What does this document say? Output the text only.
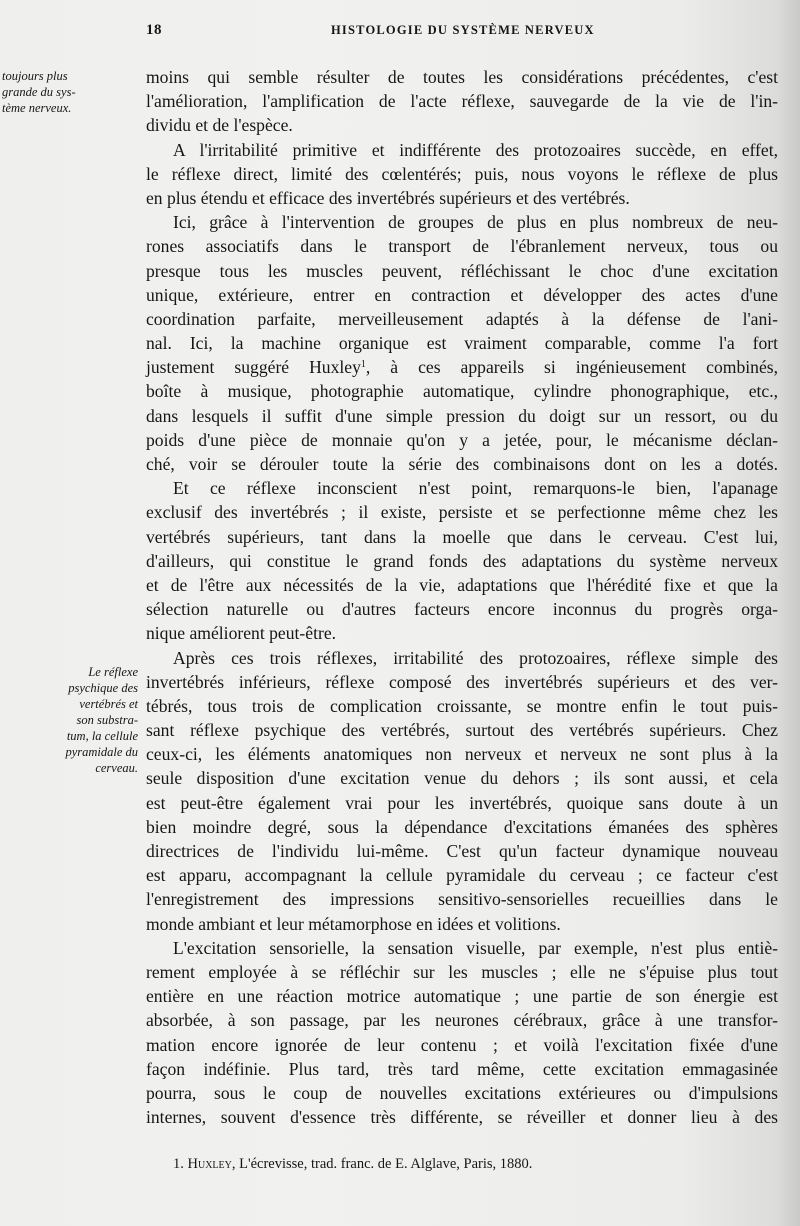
18	HISTOLOGIE DU SYSTÈME NERVEUX
toujours plus
grande du sys-
tème nerveux.
Le réflexe
psychique des
vertébrés et
son substra-
tum, la cellule
pyramidale du
cerveau.
moins qui semble résulter de toutes les considérations précédentes, c'est
l'amélioration, l'amplification de l'acte réflexe, sauvegarde de la vie de l'in-
dividu et de l'espèce.
A l'irritabilité primitive et indifférente des protozoaires succède, en effet,
le réflexe direct, limité des cœlentérés; puis, nous voyons le réflexe de plus
en plus étendu et efficace des invertébrés supérieurs et des vertébrés.
Ici, grâce à l'intervention de groupes de plus en plus nombreux de neu-
rones associatifs dans le transport de l'ébranlement nerveux, tous ou
presque tous les muscles peuvent, réfléchissant le choc d'une excitation
unique, extérieure, entrer en contraction et développer des actes d'une
coordination parfaite, merveilleusement adaptés à la défense de l'ani-
nal. Ici, la machine organique est vraiment comparable, comme l'a fort
justement suggéré Huxley$^1$, à ces appareils si ingénieusement combinés,
boîte à musique, photographie automatique, cylindre phonographique, etc.,
dans lesquels il suffit d'une simple pression du doigt sur un ressort, ou du
poids d'une pièce de monnaie qu'on y a jetée, pour, le mécanisme déclan-
ché, voir se dérouler toute la série des combinaisons dont on les a dotés.
Et ce réflexe inconscient n'est point, remarquons-le bien, l'apanage
exclusif des invertébrés ; il existe, persiste et se perfectionne même chez les
vertébrés supérieurs, tant dans la moelle que dans le cerveau. C'est lui,
d'ailleurs, qui constitue le grand fonds des adaptations du système nerveux
et de l'être aux nécessités de la vie, adaptations que l'hérédité fixe et que la
sélection naturelle ou d'autres facteurs encore inconnus du progrès orga-
nique améliorent peut-être.
Après ces trois réflexes, irritabilité des protozoaires, réflexe simple des
invertébrés inférieurs, réflexe composé des invertébrés supérieurs et des ver-
tébrés, tous trois de complication croissante, se montre enfin le tout puis-
sant réflexe psychique des vertébrés, surtout des vertébrés supérieurs. Chez
ceux-ci, les éléments anatomiques non nerveux et nerveux ne sont plus à la
seule disposition d'une excitation venue du dehors ; ils sont aussi, et cela
est peut-être également vrai pour les invertébrés, quoique sans doute à un
bien moindre degré, sous la dépendance d'excitations émanées des sphères
directrices de l'individu lui-même. C'est qu'un facteur dynamique nouveau
est apparu, accompagnant la cellule pyramidale du cerveau ; ce facteur c'est
l'enregistrement des impressions sensitivo-sensorielles recueillies dans le
monde ambiant et leur métamorphose en idées et volitions.
L'excitation sensorielle, la sensation visuelle, par exemple, n'est plus entiè-
rement employée à se réfléchir sur les muscles ; elle ne s'épuise plus tout
entière en une réaction motrice automatique ; une partie de son énergie est
absorbée, à son passage, par les neurones cérébraux, grâce à une transfor-
mation encore ignorée de leur contenu ; et voilà l'excitation fixée d'une
façon indéfinie. Plus tard, très tard même, cette excitation emmagasinée
pourra, sous le coup de nouvelles excitations extérieures ou d'impulsions
internes, souvent d'essence très différente, se réveiller et donner lieu à des
1. Huxley, L'écrevisse, trad. franc. de E. Alglave, Paris, 1880.
